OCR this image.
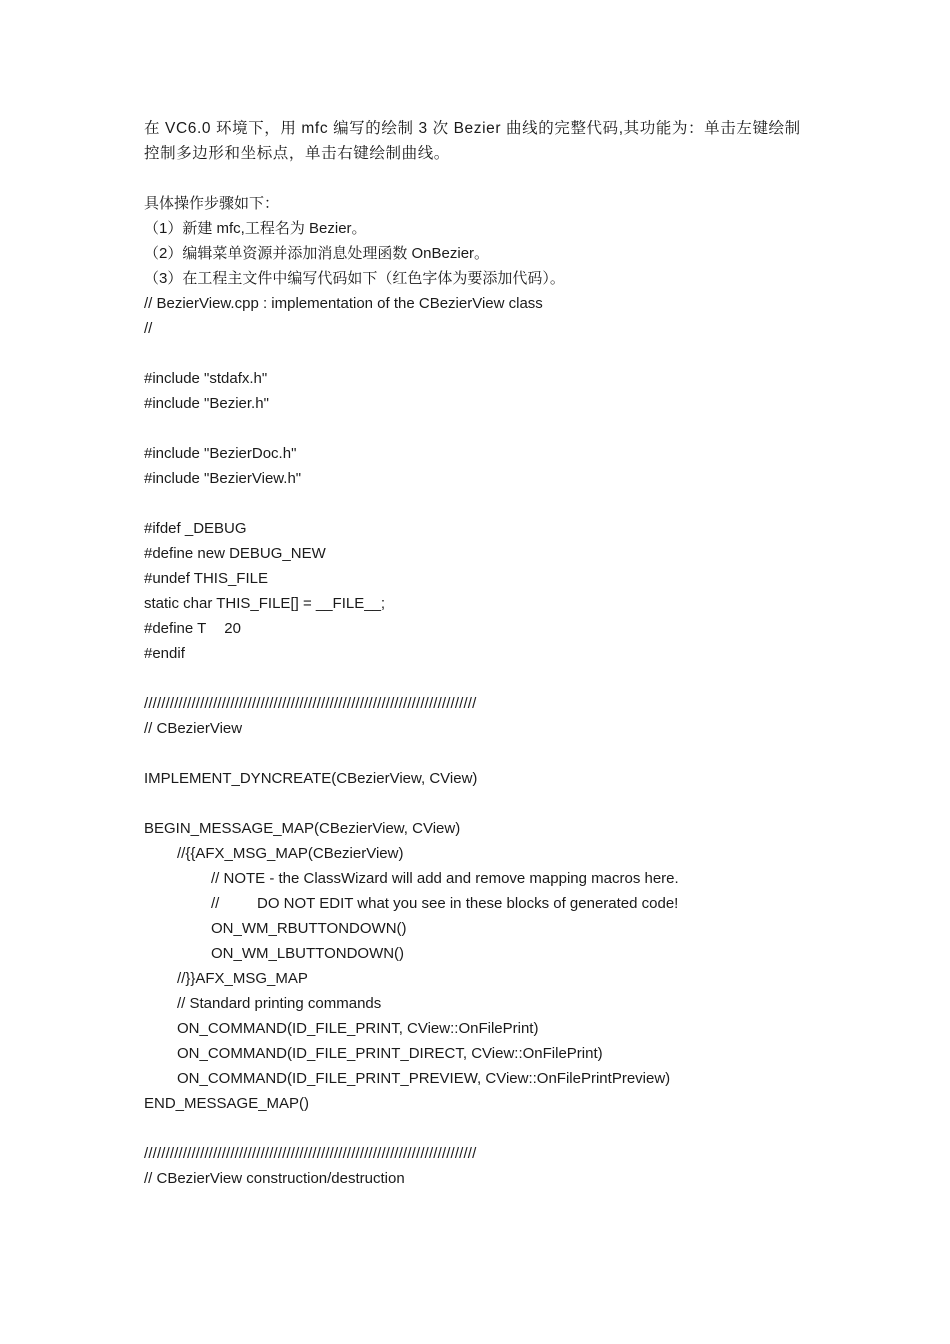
在 VC6.0 环境下，用 mfc 编写的绘制 3 次 Bezier 曲线的完整代码,其功能为：单击左键绘制
控制多边形和坐标点，单击右键绘制曲线。
具体操作步骤如下：
（1）新建 mfc,工程名为 Bezier。
（2）编辑菜单资源并添加消息处理函数 OnBezier。
（3）在工程主文件中编写代码如下（红色字体为要添加代码）。
// BezierView.cpp : implementation of the CBezierView class
//
#include "stdafx.h"
#include "Bezier.h"
#include "BezierDoc.h"
#include "BezierView.h"
#ifdef _DEBUG
#define new DEBUG_NEW
#undef THIS_FILE
static char THIS_FILE[] = __FILE__;
#define T 20
#endif
/////////////////////////////////////////////////////////////////////////////
// CBezierView
IMPLEMENT_DYNCREATE(CBezierView, CView)
BEGIN_MESSAGE_MAP(CBezierView, CView)
//{{AFX_MSG_MAP(CBezierView)
// NOTE - the ClassWizard will add and remove mapping macros here.
//	DO NOT EDIT what you see in these blocks of generated code!
ON_WM_RBUTTONDOWN()
ON_WM_LBUTTONDOWN()
//}}AFX_MSG_MAP
// Standard printing commands
ON_COMMAND(ID_FILE_PRINT, CView::OnFilePrint)
ON_COMMAND(ID_FILE_PRINT_DIRECT, CView::OnFilePrint)
ON_COMMAND(ID_FILE_PRINT_PREVIEW, CView::OnFilePrintPreview)
END_MESSAGE_MAP()
/////////////////////////////////////////////////////////////////////////////
// CBezierView construction/destruction
